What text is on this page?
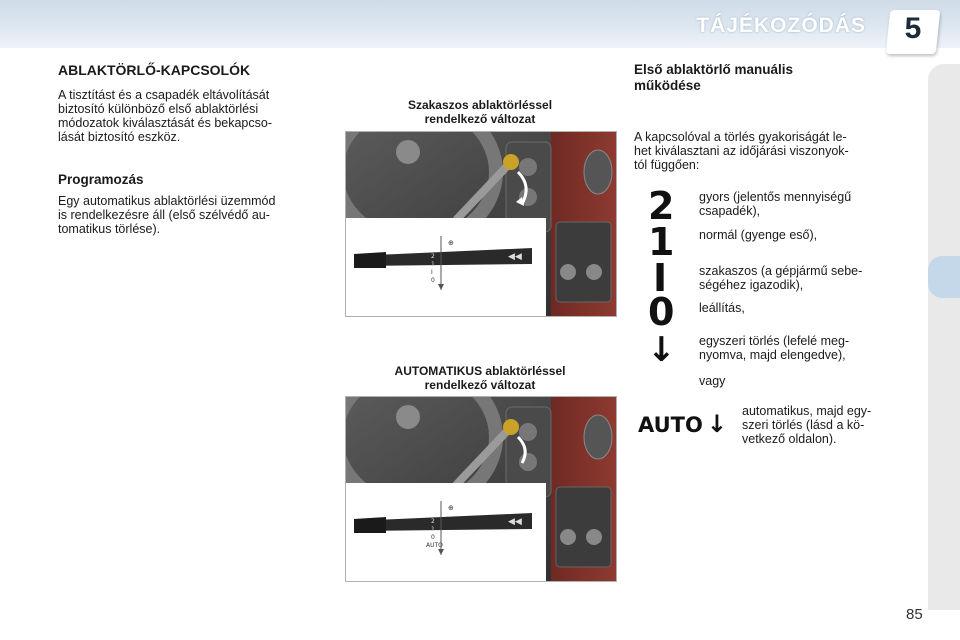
TÁJÉKOZÓDÁS	5
ABLAKTÖRLŐ-KAPCSOLÓK
A tisztítást és a csapadék eltávolítását
biztosító különböző első ablaktörlési
módozatok kiválasztását és bekapcso-
lását biztosító eszköz.
Programozás
Egy automatikus ablaktörlési üzemmód
is rendelkezésre áll (első szélvédő au-
tomatikus törlése).
Szakaszos ablaktörléssel
rendelkező változat
AUTOMATIKUS ablaktörléssel
rendelkező változat
⊕
2
1
I
0
◀◀
⊕
2
1
0
AUTO
◀◀
Első ablaktörlő manuális
működése
A kapcsolóval a törlés gyakoriságát le-
het kiválasztani az időjárási viszonyok-
tól függően:
2 gyors (jelentős mennyiségű
csapadék),
1 normál (gyenge eső),
I	szakaszos (a gépjármű sebe-
ségéhez igazodik),
0 leállítás,
↓ egyszeri törlés (lefelé meg-
nyomva, majd elengedve),
vagy
AUTO ↓ automatikus, majd egy-
szeri törlés (lásd a kö-
vetkező oldalon).
85
